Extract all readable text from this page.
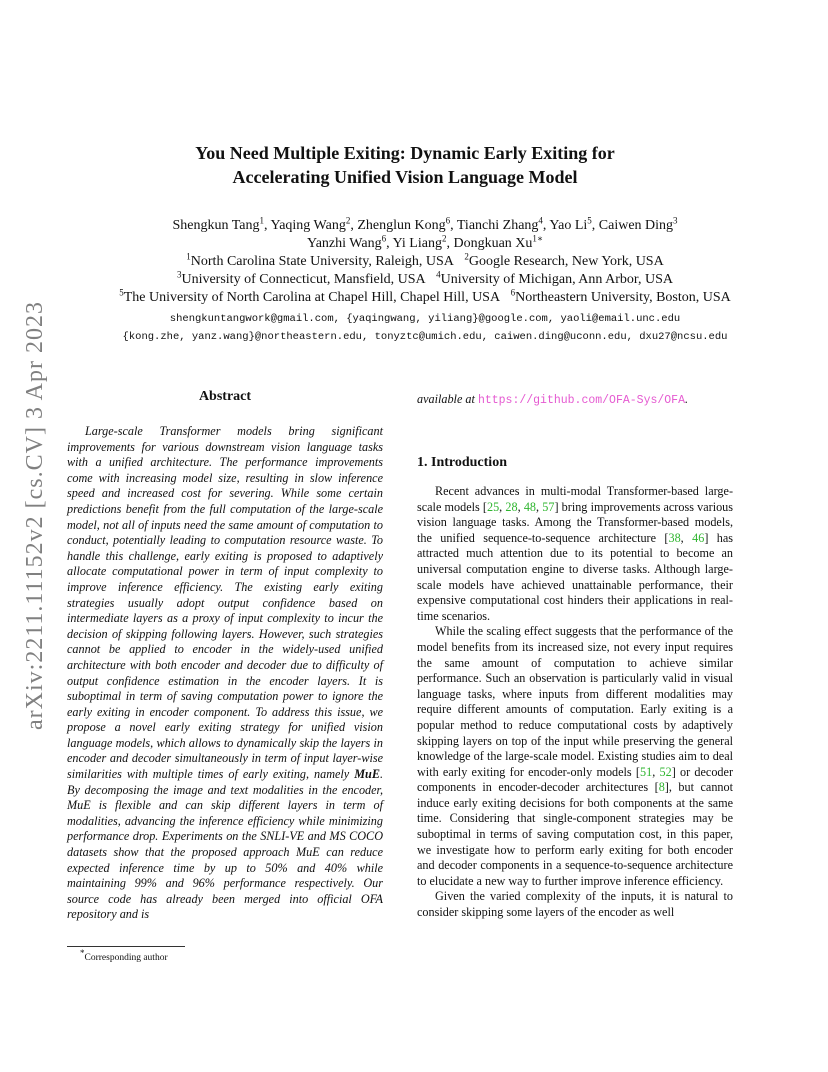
arXiv:2211.11152v2 [cs.CV] 3 Apr 2023
You Need Multiple Exiting: Dynamic Early Exiting for
Accelerating Unified Vision Language Model
Shengkun Tang$^1$, Yaqing Wang$^2$, Zhenglun Kong$^6$, Tianchi Zhang$^4$, Yao Li$^5$, Caiwen Ding$^3$
Yanzhi Wang$^6$, Yi Liang$^2$, Dongkuan $Xu^{1∗}$
$^1$North Carolina State University, Raleigh, USA $^2$Google Research, New York, USA
$^3$University of Connecticut, Mansfield, USA $^4$University of Michigan, Ann Arbor, USA
$^5$The University of North Carolina at Chapel Hill, Chapel Hill, USA $^6$Northeastern University, Boston, USA
shengkuntangwork@gmail.com, {yaqingwang, yiliang}@google.com, yaoli@email.unc.edu
{kong.zhe, yanz.wang}@northeastern.edu, tonyztc@umich.edu, caiwen.ding@uconn.edu, dxu27@ncsu.edu
Abstract

Large-scale Transformer models bring significant improvements for various downstream vision language tasks with a unified architecture. The performance improvements come with increasing model size, resulting in slow inference speed and increased cost for severing. While some certain predictions benefit from the full computation of the large-scale model, not all of inputs need the same amount of computation to conduct, potentially leading to computation resource waste. To handle this challenge, early exiting is proposed to adaptively allocate computational power in term of input complexity to improve inference efficiency. The existing early exiting strategies usually adopt output confidence based on intermediate layers as a proxy of input complexity to incur the decision of skipping following layers. However, such strategies cannot be applied to encoder in the widely-used unified architecture with both encoder and decoder due to difficulty of output confidence estimation in the encoder layers. It is suboptimal in term of saving computation power to ignore the early exiting in encoder component. To address this issue, we propose a novel early exiting strategy for unified vision language models, which allows to dynamically skip the layers in encoder and decoder simultaneously in term of input layer-wise similarities with multiple times of early exiting, namely MuE. By decomposing the image and text modalities in the encoder, MuE is flexible and can skip different layers in term of modalities, advancing the inference efficiency while minimizing performance drop. Experiments on the SNLI-VE and MS COCO datasets show that the proposed approach MuE can reduce expected inference time by up to 50% and 40% while maintaining 99% and 96% performance respectively. Our source code has already been merged into official OFA repository and is

available at https://github.com/OFA-Sys/OFA.

1. Introduction

Recent advances in multi-modal Transformer-based large-scale models [25, 28, 48, 57] bring improvements across various vision language tasks. Among the Transformer-based models, the unified sequence-to-sequence architecture [38, 46] has attracted much attention due to its potential to become an universal computation engine to diverse tasks. Although large-scale models have achieved unattainable performance, their expensive computational cost hinders their applications in real-time scenarios.

While the scaling effect suggests that the performance of the model benefits from its increased size, not every input requires the same amount of computation to achieve similar performance. Such an observation is particularly valid in visual language tasks, where inputs from different modalities may require different amounts of computation. Early exiting is a popular method to reduce computational costs by adaptively skipping layers on top of the input while preserving the general knowledge of the large-scale model. Existing studies aim to deal with early exiting for encoder-only models [51, 52] or decoder components in encoder-decoder architectures [8], but cannot induce early exiting decisions for both components at the same time. Considering that single-component strategies may be suboptimal in terms of saving computation cost, in this paper, we investigate how to perform early exiting for both encoder and decoder components in a sequence-to-sequence architecture to elucidate a new way to further improve inference efficiency.

Given the varied complexity of the inputs, it is natural to consider skipping some layers of the encoder as well

*Corresponding author
